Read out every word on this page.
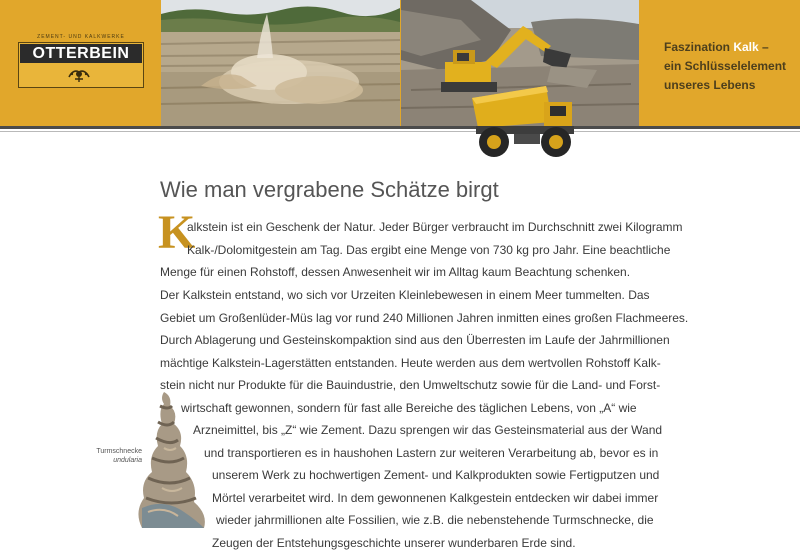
ZEMENT- UND KALKWERKE
OTTERBEIN	Faszination Kalk –
ein Schlüsselelement
unseres Lebens
Wie man vergrabene Schätze birgt
K
alkstein ist ein Geschenk der Natur. Jeder Bürger verbraucht im Durchschnitt zwei Kilogramm
Kalk-/Dolomitgestein am Tag. Das ergibt eine Menge von 730 kg pro Jahr. Eine beachtliche
Menge für einen Rohstoff, dessen Anwesenheit wir im Alltag kaum Beachtung schenken.
Der Kalkstein entstand, wo sich vor Urzeiten Kleinlebewesen in einem Meer tummelten. Das
Gebiet um Großenlüder-Müs lag vor rund 240 Millionen Jahren inmitten eines großen Flachmeeres.
Durch Ablagerung und Gesteinskompaktion sind aus den Überresten im Laufe der Jahrmillionen
mächtige Kalkstein-Lagerstätten entstanden. Heute werden aus dem wertvollen Rohstoff Kalk-
stein nicht nur Produkte für die Bauindustrie, den Umweltschutz sowie für die Land- und Forst-
wirtschaft gewonnen, sondern für fast alle Bereiche des täglichen Lebens, von „A“ wie
Arzneimittel, bis „Z“ wie Zement. Dazu sprengen wir das Gesteinsmaterial aus der Wand
und transportieren es in haushohen Lastern zur weiteren Verarbeitung ab, bevor es in
unserem Werk zu hochwertigen Zement- und Kalkprodukten sowie Fertigputzen und
Mörtel verarbeitet wird. In dem gewonnenen Kalkgestein entdecken wir dabei immer
wieder jahrmillionen alte Fossilien, wie z.B. die nebenstehende Turmschnecke, die
Zeugen der Entstehungsgeschichte unserer wunderbaren Erde sind.
Turmschnecke
undularia
